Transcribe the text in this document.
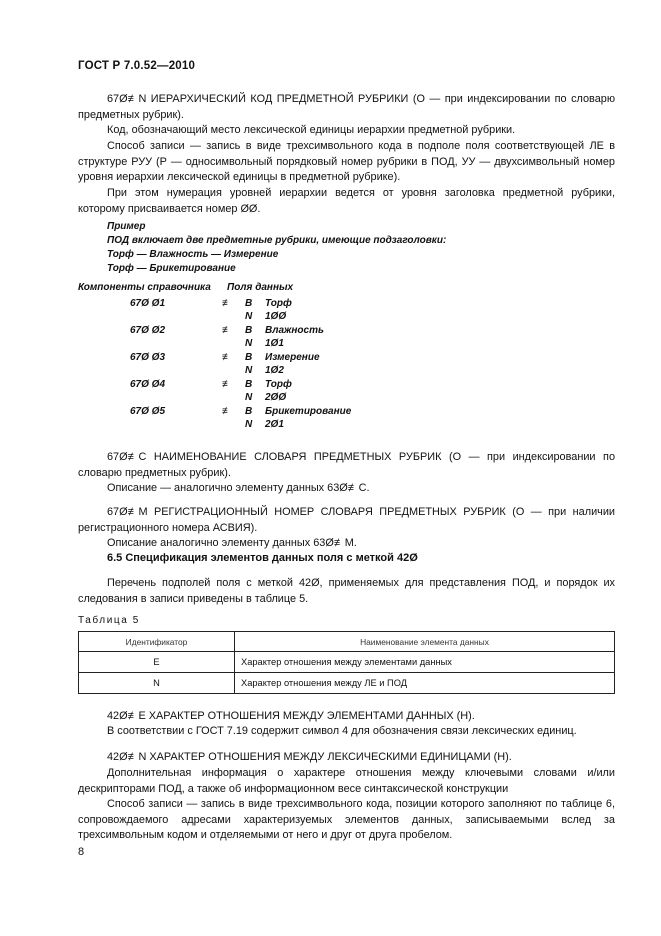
ГОСТ Р 7.0.52—2010

67Ø≢N ИЕРАРХИЧЕСКИЙ КОД ПРЕДМЕТНОЙ РУБРИКИ (О — при индексировании по словарю предметных рубрик).

Код, обозначающий место лексической единицы иерархии предметной рубрики.

Способ записи — запись в виде трехсимвольного кода в подполе поля соответствующей ЛЕ в структуре РУУ (Р — односимвольный порядковый номер рубрики в ПОД, УУ — двухсимвольный номер уровня иерархии лексической единицы в предметной рубрике).

При этом нумерация уровней иерархии ведется от уровня заголовка предметной рубрики, которому присваивается номер ØØ.

Пример
ПОД включает две предметные рубрики, имеющие подзаголовки:
Торф — Влажность — Измерение
Торф — Брикетирование
Компоненты справочника Поля данных
67Ø Ø1	≢ В Торф
N 1ØØ
67Ø Ø2	≢ В Влажность
N 1Ø1
67Ø Ø3	≢ В Измерение
N 1Ø2
67Ø Ø4	≢ В Торф
N 2ØØ
67Ø Ø5	≢ В Брикетирование
N 2Ø1

67Ø≢C НАИМЕНОВАНИЕ СЛОВАРЯ ПРЕДМЕТНЫХ РУБРИК (О — при индексировании по словарю предметных рубрик).

Описание — аналогично элементу данных 63Ø≢C.

67Ø≢M РЕГИСТРАЦИОННЫЙ НОМЕР СЛОВАРЯ ПРЕДМЕТНЫХ РУБРИК (О — при наличии регистрационного номера АСВИЯ).

Описание аналогично элементу данных 63Ø≢M.

6.5 Спецификация элементов данных поля с меткой 42Ø

Перечень подполей поля с меткой 42Ø, применяемых для представления ПОД, и порядок их следования в записи приведены в таблице 5.

Таблица 5
Идентификатор	Наименование элемента данных
E	Характер отношения между элементами данных
N	Характер отношения между ЛЕ и ПОД

42Ø≢E ХАРАКТЕР ОТНОШЕНИЯ МЕЖДУ ЭЛЕМЕНТАМИ ДАННЫХ (Н).

В соответствии с ГОСТ 7.19 содержит символ 4 для обозначения связи лексических единиц.

42Ø≢N ХАРАКТЕР ОТНОШЕНИЯ МЕЖДУ ЛЕКСИЧЕСКИМИ ЕДИНИЦАМИ (Н).

Дополнительная информация о характере отношения между ключевыми словами и/или дескрипторами ПОД, а также об информационном весе синтаксической конструкции

Способ записи — запись в виде трехсимвольного кода, позиции которого заполняют по таблице 6, сопровождаемого адресами характеризуемых элементов данных, записываемыми вслед за трехсимвольным кодом и отделяемыми от него и друг от друга пробелом.

8
